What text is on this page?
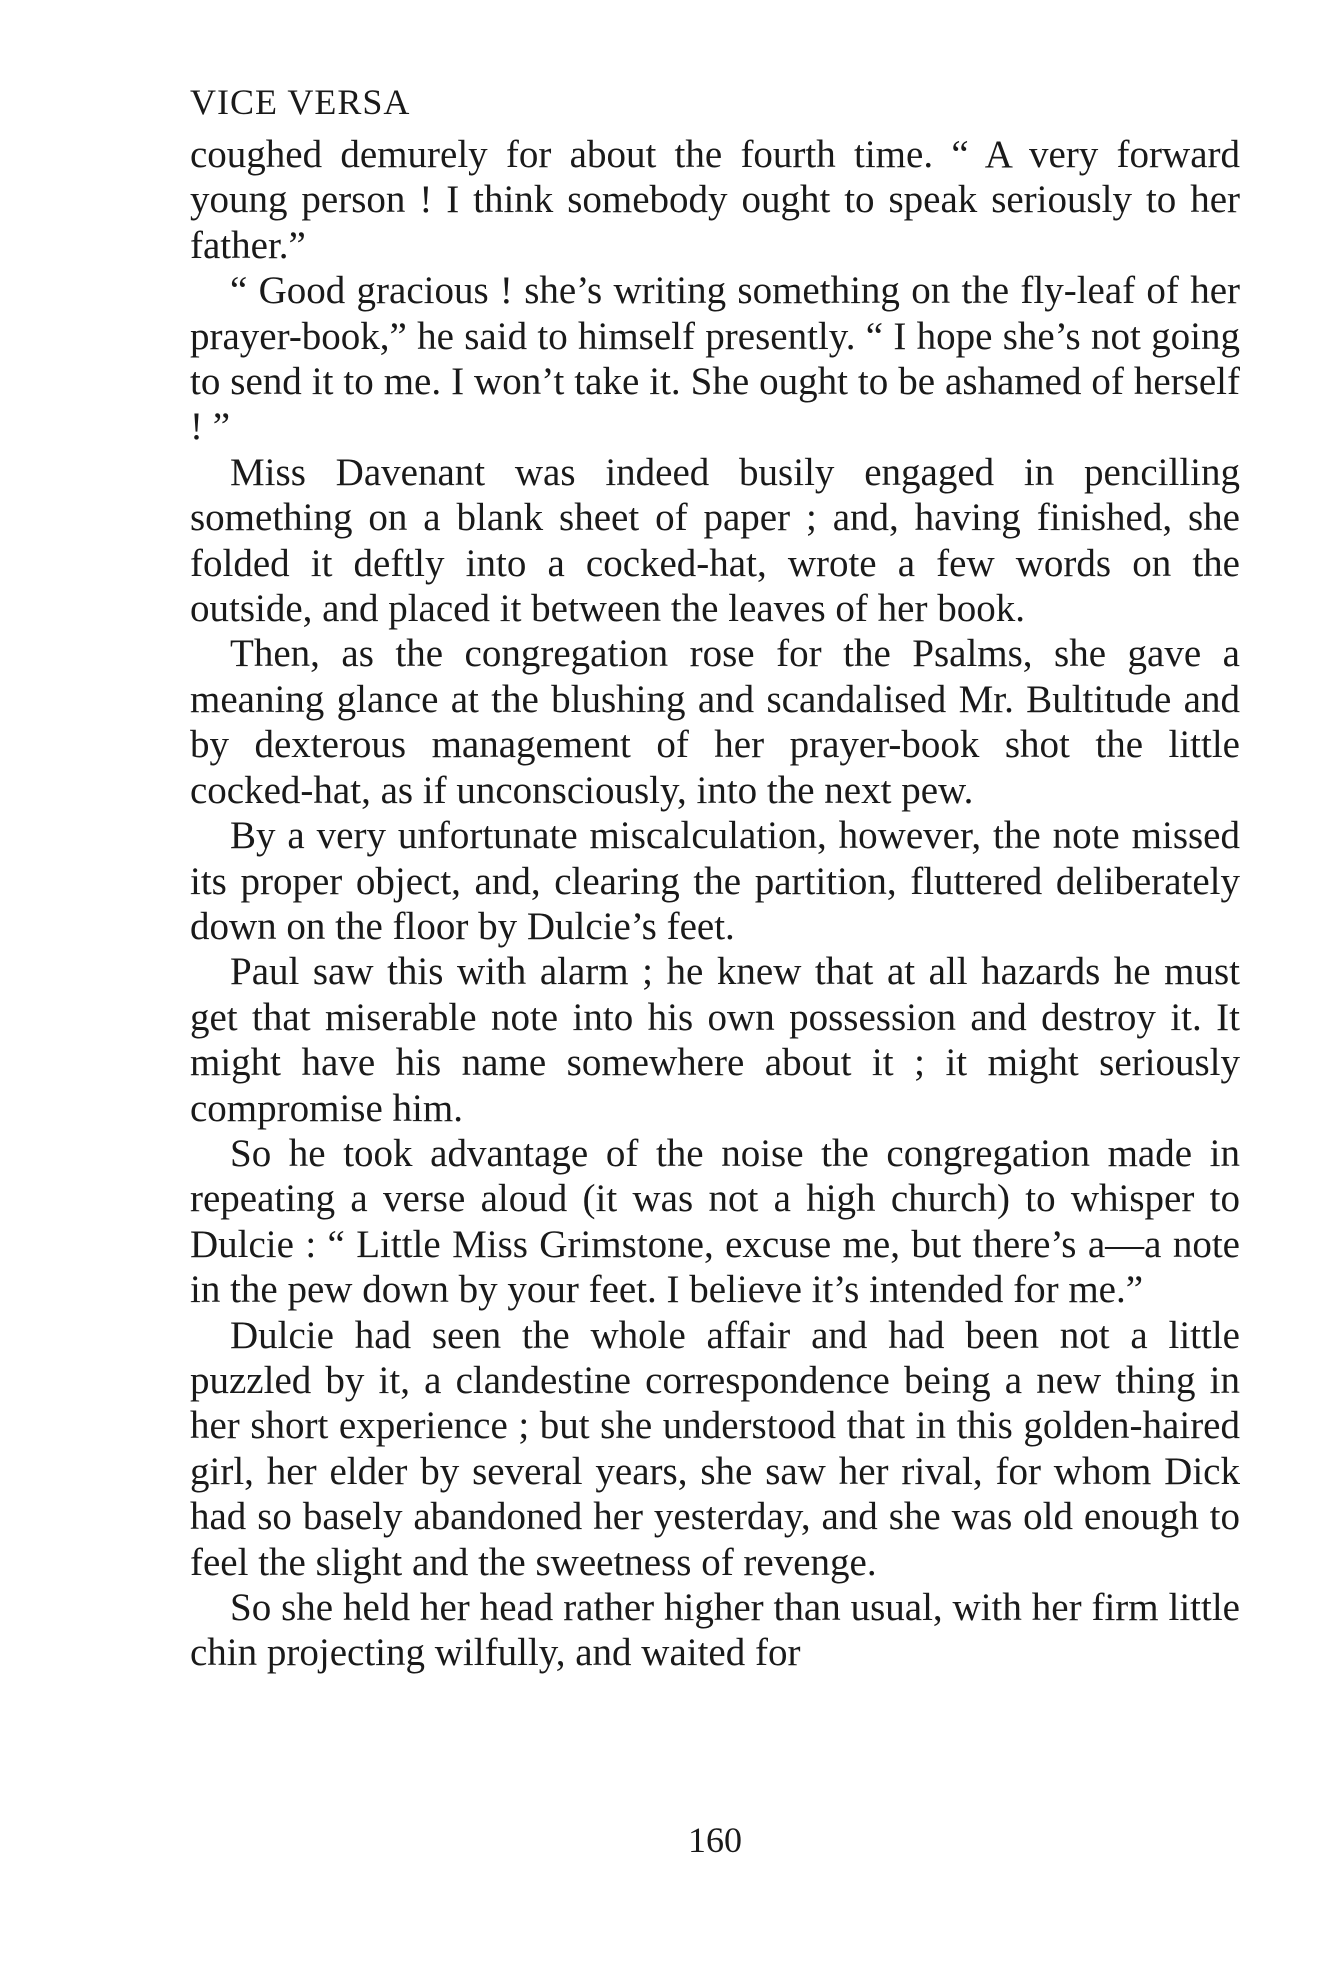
VICE VERSA

coughed demurely for about the fourth time. “ A very forward young person ! I think somebody ought to speak seriously to her father.”

“ Good gracious ! she’s writing something on the fly-leaf of her prayer-book,” he said to himself presently. “ I hope she’s not going to send it to me. I won’t take it. She ought to be ashamed of herself ! ”

Miss Davenant was indeed busily engaged in pencilling something on a blank sheet of paper ; and, having finished, she folded it deftly into a cocked-hat, wrote a few words on the outside, and placed it between the leaves of her book.

Then, as the congregation rose for the Psalms, she gave a meaning glance at the blushing and scandalised Mr. Bultitude and by dexterous management of her prayer-book shot the little cocked-hat, as if unconsciously, into the next pew.

By a very unfortunate miscalculation, however, the note missed its proper object, and, clearing the partition, fluttered deliberately down on the floor by Dulcie’s feet.

Paul saw this with alarm ; he knew that at all hazards he must get that miserable note into his own possession and destroy it. It might have his name somewhere about it ; it might seriously compromise him.

So he took advantage of the noise the congregation made in repeating a verse aloud (it was not a high church) to whisper to Dulcie : “ Little Miss Grimstone, excuse me, but there’s a—a note in the pew down by your feet. I believe it’s intended for me.”

Dulcie had seen the whole affair and had been not a little puzzled by it, a clandestine correspondence being a new thing in her short experience ; but she understood that in this golden-haired girl, her elder by several years, she saw her rival, for whom Dick had so basely abandoned her yesterday, and she was old enough to feel the slight and the sweetness of revenge.

So she held her head rather higher than usual, with her firm little chin projecting wilfully, and waited for

160
